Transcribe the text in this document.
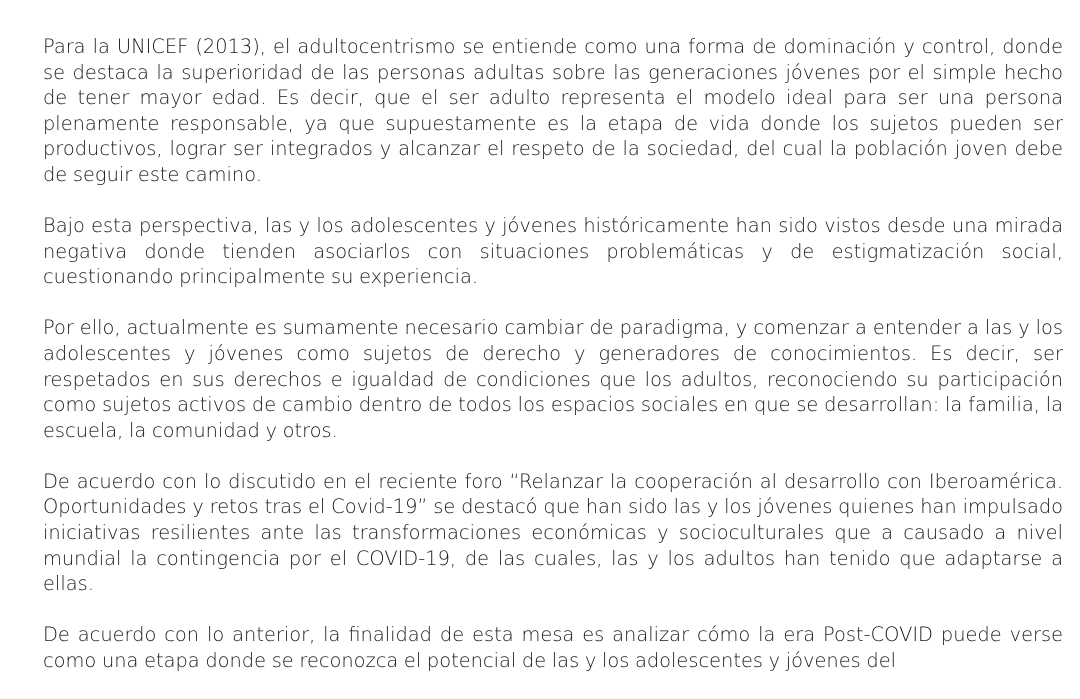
Para la UNICEF (2013), el adultocentrismo se entiende como una forma de dominación y control, donde se destaca la superioridad de las personas adultas sobre las generaciones jóvenes por el simple hecho de tener mayor edad. Es decir, que el ser adulto representa el modelo ideal para ser una persona plenamente responsable, ya que supuestamente es la etapa de vida donde los sujetos pueden ser productivos, lograr ser integrados y alcanzar el respeto de la sociedad, del cual la población joven debe de seguir este camino.

Bajo esta perspectiva, las y los adolescentes y jóvenes históricamente han sido vistos desde una mirada negativa donde tienden asociarlos con situaciones problemáticas y de estigmatización social, cuestionando principalmente su experiencia.

Por ello, actualmente es sumamente necesario cambiar de paradigma, y comenzar a entender a las y los adolescentes y jóvenes como sujetos de derecho y generadores de conocimientos. Es decir, ser respetados en sus derechos e igualdad de condiciones que los adultos, reconociendo su participación como sujetos activos de cambio dentro de todos los espacios sociales en que se desarrollan: la familia, la escuela, la comunidad y otros.

De acuerdo con lo discutido en el reciente foro “Relanzar la cooperación al desarrollo con Iberoamérica. Oportunidades y retos tras el Covid-19” se destacó que han sido las y los jóvenes quienes han impulsado iniciativas resilientes ante las transformaciones económicas y socioculturales que a causado a nivel mundial la contingencia por el COVID-19, de las cuales, las y los adultos han tenido que adaptarse a ellas.

De acuerdo con lo anterior, la finalidad de esta mesa es analizar cómo la era Post-COVID puede verse como una etapa donde se reconozca el potencial de las y los adolescentes y jóvenes del
